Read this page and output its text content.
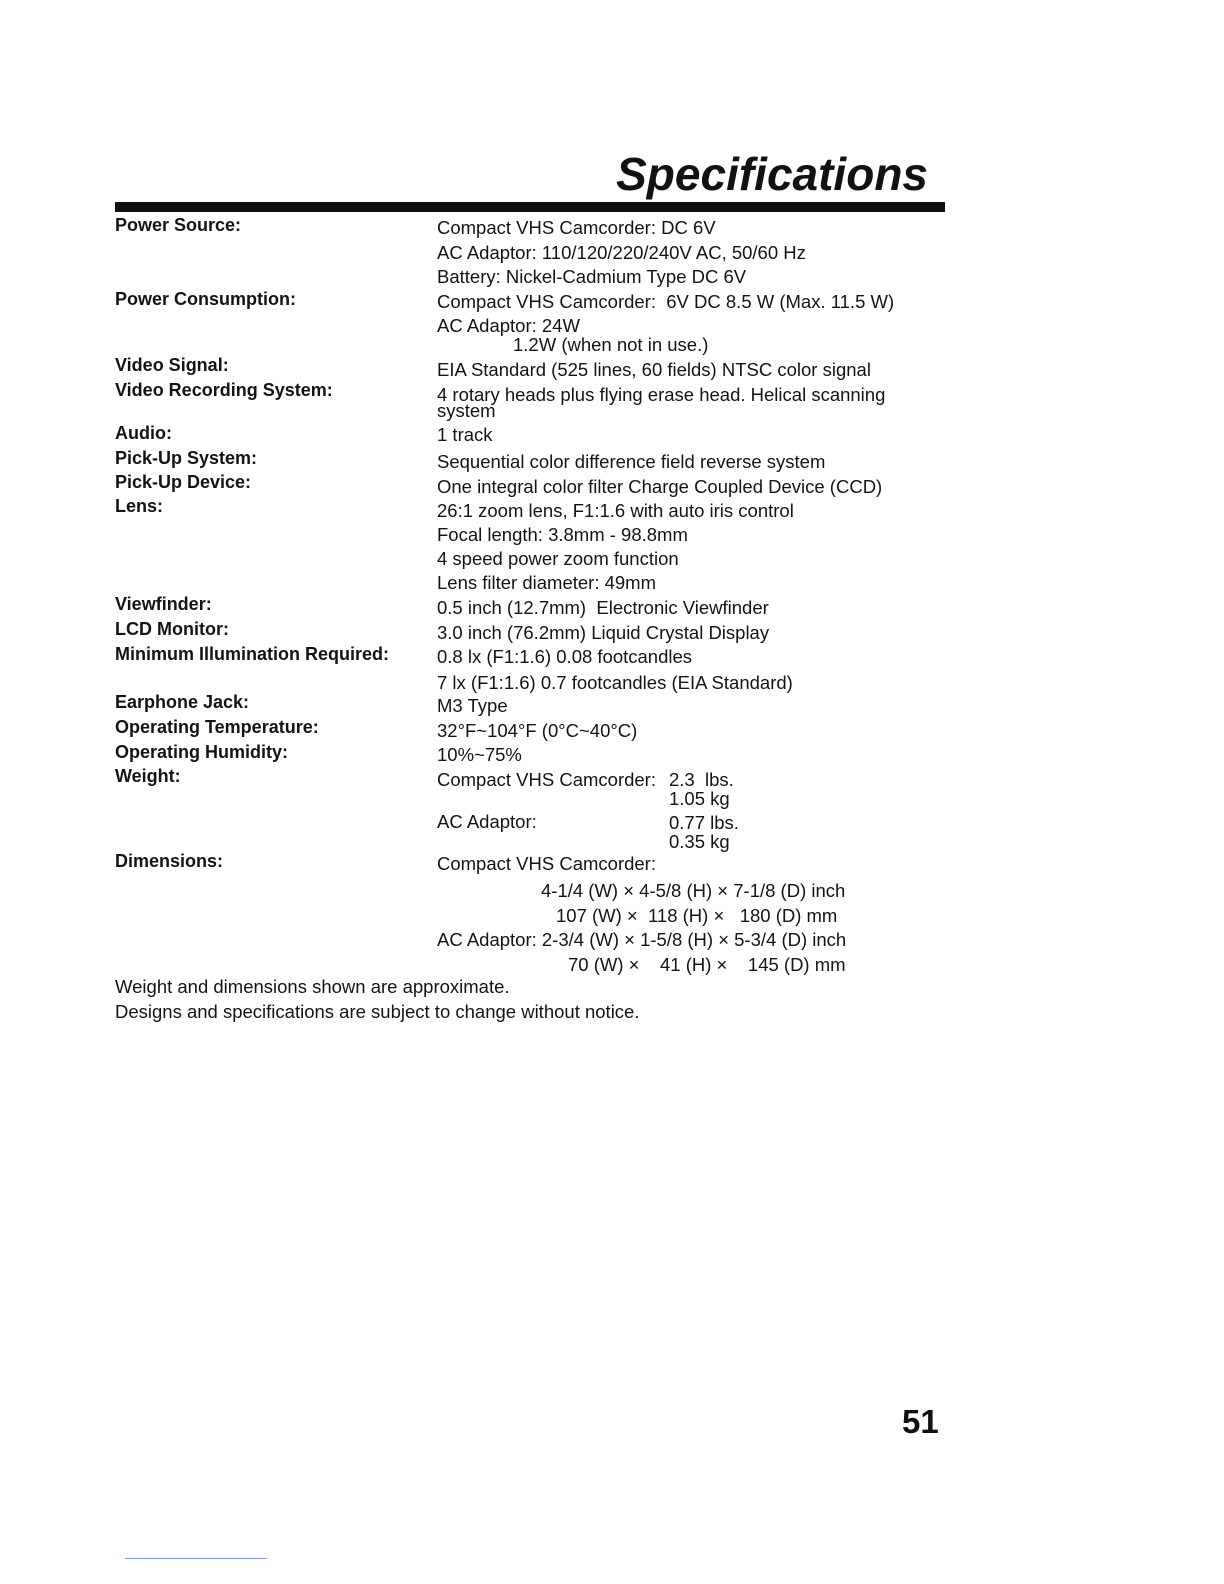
Specifications
Power Source:
Power Consumption:
Video Signal:
Video Recording System:
Audio:
Pick-Up System:
Pick-Up Device:
Lens:
Viewfinder:
LCD Monitor:
Minimum Illumination Required:
Earphone Jack:
Operating Temperature:
Operating Humidity:
Weight:
Dimensions:
Compact VHS Camcorder: DC 6V
AC Adaptor: 110/120/220/240V AC, 50/60 Hz
Battery: Nickel-Cadmium Type DC 6V
Compact VHS Camcorder:  6V DC 8.5 W (Max. 11.5 W)
AC Adaptor: 24W
1.2W (when not in use.)
EIA Standard (525 lines, 60 fields) NTSC color signal
4 rotary heads plus flying erase head. Helical scanning
system
1 track
Sequential color difference field reverse system
One integral color filter Charge Coupled Device (CCD)
26:1 zoom lens, F1:1.6 with auto iris control
Focal length: 3.8mm - 98.8mm
4 speed power zoom function
Lens filter diameter: 49mm
0.5 inch (12.7mm)  Electronic Viewfinder
3.0 inch (76.2mm) Liquid Crystal Display
0.8 lx (F1:1.6) 0.08 footcandles
7 lx (F1:1.6) 0.7 footcandles (EIA Standard)
M3 Type
32°F~104°F (0°C~40°C)
10%~75%
Compact VHS Camcorder: 2.3  lbs.
1.05 kg
AC Adaptor:	0.77 lbs.
0.35 kg
Compact VHS Camcorder:
4-1/4 (W) × 4-5/8 (H) × 7-1/8 (D) inch
107 (W) ×  118 (H) ×   180 (D) mm
AC Adaptor: 2-3/4 (W) × 1-5/8 (H) × 5-3/4 (D) inch
70 (W) ×    41 (H) ×    145 (D) mm
Weight and dimensions shown are approximate.
Designs and specifications are subject to change without notice.
51
